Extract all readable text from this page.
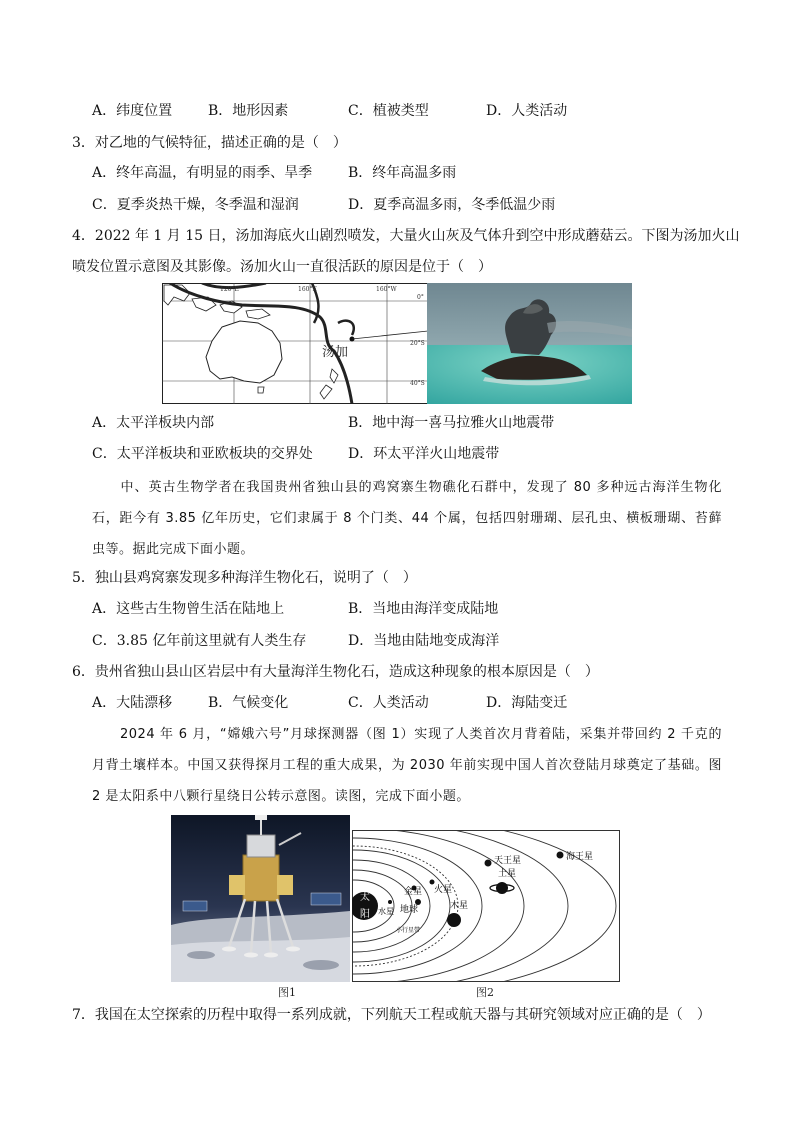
A．纬度位置	B．地形因素	C．植被类型	D．人类活动
3．对乙地的气候特征，描述正确的是（　）
A．终年高温，有明显的雨季、旱季	B．终年高温多雨
C．夏季炎热干燥，冬季温和湿润	D．夏季高温多雨，冬季低温少雨
4．2022 年 1 月 15 日，汤加海底火山剧烈喷发，大量火山灰及气体升到空中形成蘑菇云。下图为汤加火山
喷发位置示意图及其影像。汤加火山一直很活跃的原因是位于（　）
120°E	160°E	160°W
0°
20°S
40°S
汤加
A．太平洋板块内部	B．地中海一喜马拉雅火山地震带
C．太平洋板块和亚欧板块的交界处	D．环太平洋火山地震带
中、英古生物学者在我国贵州省独山县的鸡窝寨生物礁化石群中，发现了 80 多种远古海洋生物化石，距今有 3.85 亿年历史，它们隶属于 8 个门类、44 个属，包括四射珊瑚、层孔虫、横板珊瑚、苔藓虫等。据此完成下面小题。
5．独山县鸡窝寨发现多种海洋生物化石，说明了（　）
A．这些古生物曾生活在陆地上	B．当地由海洋变成陆地
C．3.85 亿年前这里就有人类生存	D．当地由陆地变成海洋
6．贵州省独山县山区岩层中有大量海洋生物化石，造成这种现象的根本原因是（　）
A．大陆漂移	B．气候变化	C．人类活动	D．海陆变迁
2024 年 6 月，“嫦娥六号”月球探测器（图 1）实现了人类首次月背着陆，采集并带回约 2 千克的月背土壤样本。中国又获得探月工程的重大成果，为 2030 年前实现中国人首次登陆月球奠定了基础。图 2 是太阳系中八颗行星绕日公转示意图。读图，完成下面小题。
图1
太
阳 水星
金星
地球
火星
小行星带
木星
土星
天王星	海王星
图2
7．我国在太空探索的历程中取得一系列成就，下列航天工程或航天器与其研究领域对应正确的是（　）
